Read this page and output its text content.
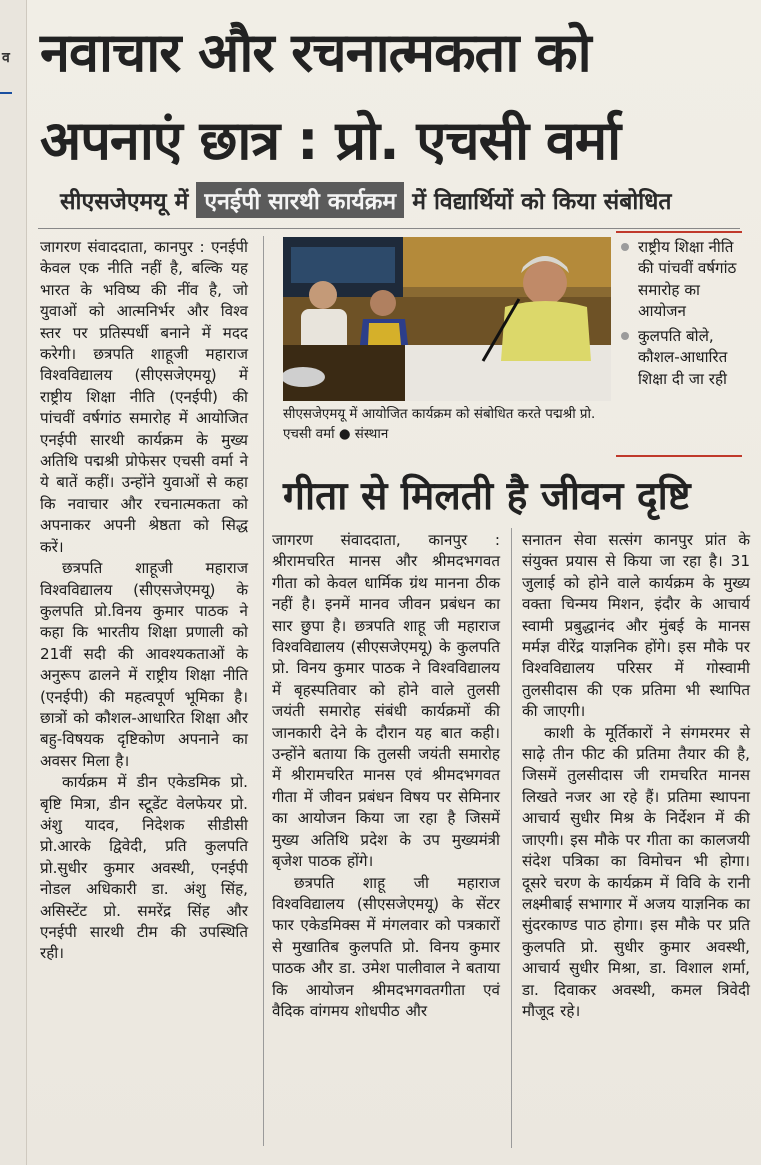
व नवाचार और रचनात्मकता को
अपनाएं छात्र : प्रो. एचसी वर्मा
सीएसजेएमयू में एनईपी सारथी कार्यक्रम में विद्यार्थियों को किया संबोधित

जागरण संवाददाता, कानपुर : एनईपी केवल एक नीति नहीं है, बल्कि यह भारत के भविष्य की नींव है, जो युवाओं को आत्मनिर्भर और विश्व स्तर पर प्रतिस्पर्धी बनाने में मदद करेगी। छत्रपति शाहूजी महाराज विश्वविद्यालय (सीएसजेएमयू) में राष्ट्रीय शिक्षा नीति (एनईपी) की पांचवीं वर्षगांठ समारोह में आयोजित एनईपी सारथी कार्यक्रम के मुख्य अतिथि पद्मश्री प्रोफेसर एचसी वर्मा ने ये बातें कहीं। उन्होंने युवाओं से कहा कि नवाचार और रचनात्मकता को अपनाकर अपनी श्रेष्ठता को सिद्ध करें।

छत्रपति शाहूजी महाराज विश्वविद्यालय (सीएसजेएमयू) के कुलपति प्रो.विनय कुमार पाठक ने कहा कि भारतीय शिक्षा प्रणाली को 21वीं सदी की आवश्यकताओं के अनुरूप ढालने में राष्ट्रीय शिक्षा नीति (एनईपी) की महत्वपूर्ण भूमिका है। छात्रों को कौशल-आधारित शिक्षा और बहु-विषयक दृष्टिकोण अपनाने का अवसर मिला है।

कार्यक्रम में डीन एकेडमिक प्रो. बृष्टि मित्रा, डीन स्टूडेंट वेलफेयर प्रो. अंशु यादव, निदेशक सीडीसी प्रो.आरके द्विवेदी, प्रति कुलपति प्रो.सुधीर कुमार अवस्थी, एनईपी नोडल अधिकारी डा. अंशु सिंह, असिस्टेंट प्रो. समरेंद्र सिंह और एनईपी सारथी टीम की उपस्थिति रही।

सीएसजेएमयू में आयोजित कार्यक्रम को संबोधित करते पद्मश्री प्रो. एचसी वर्मा ● संस्थान
राष्ट्रीय शिक्षा नीति की पांचवीं वर्षगांठ समारोह का आयोजन
कुलपति बोले, कौशल-आधारित शिक्षा दी जा रही
गीता से मिलती है जीवन दृष्टि

जागरण संवाददाता, कानपुर : श्रीरामचरित मानस और श्रीमदभगवत गीता को केवल धार्मिक ग्रंथ मानना ठीक नहीं है। इनमें मानव जीवन प्रबंधन का सार छुपा है। छत्रपति शाहू जी महाराज विश्वविद्यालय (सीएसजेएमयू) के कुलपति प्रो. विनय कुमार पाठक ने विश्वविद्यालय में बृहस्पतिवार को होने वाले तुलसी जयंती समारोह संबंधी कार्यक्रमों की जानकारी देने के दौरान यह बात कही। उन्होंने बताया कि तुलसी जयंती समारोह में श्रीरामचरित मानस एवं श्रीमदभगवत गीता में जीवन प्रबंधन विषय पर सेमिनार का आयोजन किया जा रहा है जिसमें मुख्य अतिथि प्रदेश के उप मुख्यमंत्री बृजेश पाठक होंगे।

छत्रपति शाहू जी महाराज विश्वविद्यालय (सीएसजेएमयू) के सेंटर फार एकेडमिक्स में मंगलवार को पत्रकारों से मुखातिब कुलपति प्रो. विनय कुमार पाठक और डा. उमेश पालीवाल ने बताया कि आयोजन श्रीमदभगवतगीता एवं वैदिक वांगमय शोधपीठ और

सनातन सेवा सत्संग कानपुर प्रांत के संयुक्त प्रयास से किया जा रहा है। 31 जुलाई को होने वाले कार्यक्रम के मुख्य वक्ता चिन्मय मिशन, इंदौर के आचार्य स्वामी प्रबुद्धानंद और मुंबई के मानस मर्मज्ञ वीरेंद्र याज्ञनिक होंगे। इस मौके पर विश्वविद्यालय परिसर में गोस्वामी तुलसीदास की एक प्रतिमा भी स्थापित की जाएगी।

काशी के मूर्तिकारों ने संगमरमर से साढ़े तीन फीट की प्रतिमा तैयार की है, जिसमें तुलसीदास जी रामचरित मानस लिखते नजर आ रहे हैं। प्रतिमा स्थापना आचार्य सुधीर मिश्र के निर्देशन में की जाएगी। इस मौके पर गीता का कालजयी संदेश पत्रिका का विमोचन भी होगा। दूसरे चरण के कार्यक्रम में विवि के रानी लक्ष्मीबाई सभागार में अजय याज्ञनिक का सुंदरकाण्ड पाठ होगा। इस मौके पर प्रति कुलपति प्रो. सुधीर कुमार अवस्थी, आचार्य सुधीर मिश्रा, डा. विशाल शर्मा, डा. दिवाकर अवस्थी, कमल त्रिवेदी मौजूद रहे।
